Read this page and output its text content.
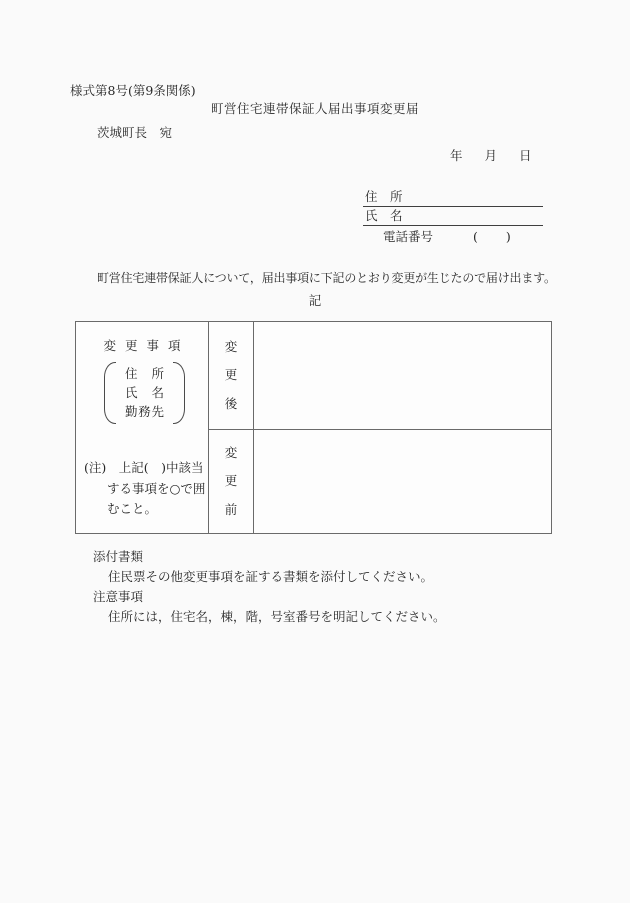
様式第8号(第9条関係)
町営住宅連帯保証人届出事項変更届
茨城町長　宛
年 月 日
住　所
氏　名
電話番号	(　　)
町営住宅連帯保証人について，届出事項に下記のとおり変更が生じたので届け出ます。
記
変更事項
住 所
氏 名
勤 務 先
(注)　上記(　)中該当
する事項を○で囲
むこと。
変
更
後
変
更
前
添付書類
住民票その他変更事項を証する書類を添付してください。
注意事項
住所には，住宅名，棟，階，号室番号を明記してください。
